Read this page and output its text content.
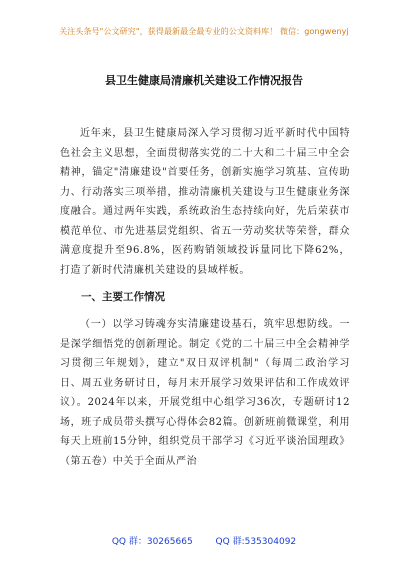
关注头条号"公文研究"，获得最新最全最专业的公文资料库！ 微信：gongwenyj
县卫生健康局清廉机关建设工作情况报告

近年来，县卫生健康局深入学习贯彻习近平新时代中国特色社会主义思想，全面贯彻落实党的二十大和二十届三中全会精神，锚定"清廉建设"首要任务，创新实施学习筑基、宣传助力、行动落实三项举措，推动清廉机关建设与卫生健康业务深度融合。通过两年实践，系统政治生态持续向好，先后荣获市模范单位、市先进基层党组织、省五一劳动奖状等荣誉，群众满意度提升至96.8%，医药购销领域投诉量同比下降62%，打造了新时代清廉机关建设的县域样板。

一、主要工作情况

（一）以学习铸魂夯实清廉建设基石，筑牢思想防线。一是深学细悟党的创新理论。制定《党的二十届三中全会精神学习贯彻三年规划》，建立"双日双评机制"（每周二政治学习日、周五业务研讨日，每月末开展学习效果评估和工作成效评议）。2024年以来，开展党组中心组学习36次，专题研讨12场，班子成员带头撰写心得体会82篇。创新班前微课堂，利用每天上班前15分钟，组织党员干部学习《习近平谈治国理政》（第五卷）中关于全面从严治

QQ 群：30265665	QQ 群:535304092
